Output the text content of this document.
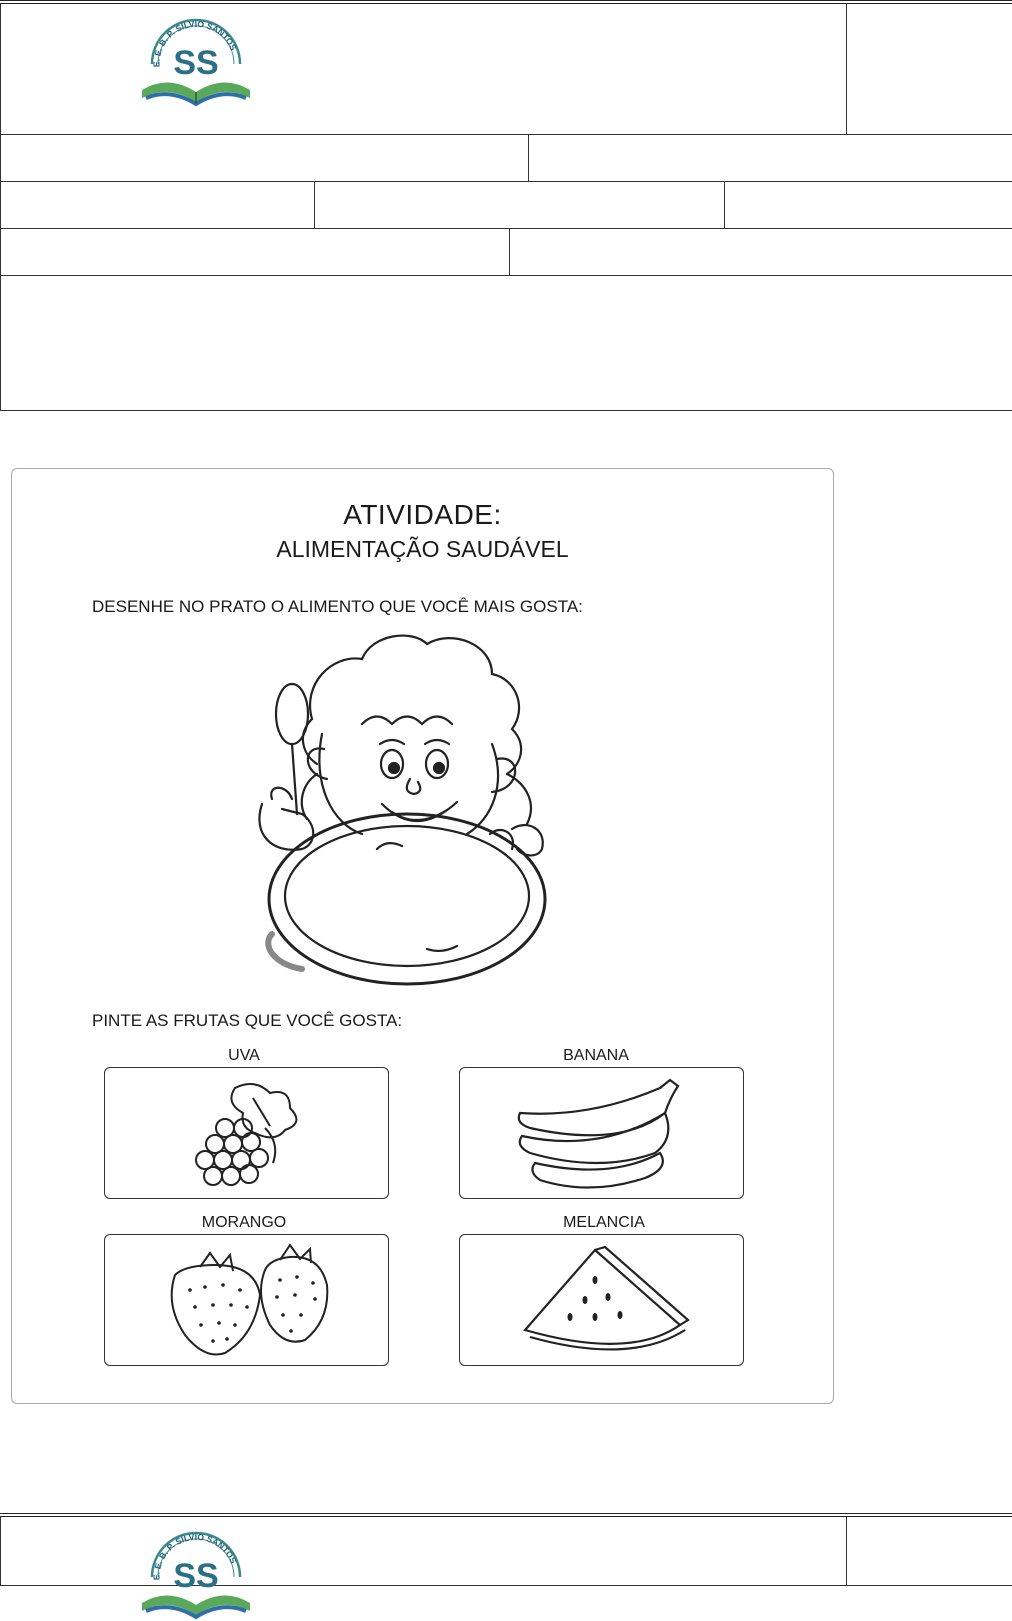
E. E. B. P. SÍLVIO SANTOS
SS
ATIVIDADE:
ALIMENTAÇÃO SAUDÁVEL
DESENHE NO PRATO O ALIMENTO QUE VOCÊ MAIS GOSTA:
PINTE AS FRUTAS QUE VOCÊ GOSTA:
UVA	BANANA
MORANGO	MELANCIA
E. E. B. P. SÍLVIO SANTOS
SS
